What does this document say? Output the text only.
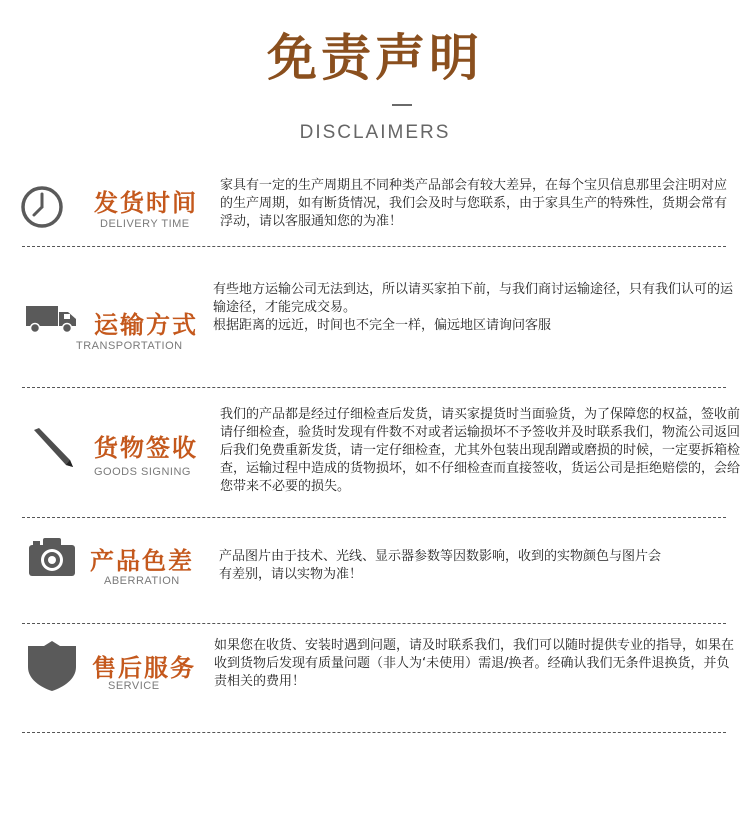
免责声明
DISCLAIMERS
发货时间
DELIVERY TIME

家具有一定的生产周期且不同种类产品部会有较大差异，在每个宝贝信息那里会注明对应的生产周期，如有断货情况，我们会及时与您联系，由于家具生产的特殊性，货期会常有浮动，请以客服通知您的为准！

运输方式
TRANSPORTATION

有些地方运输公司无法到达，所以请买家拍下前，与我们商讨运输途径，只有我们认可的运输途径，才能完成交易。

根据距离的远近，时间也不完全一样，偏远地区请询问客服

货物签收
GOODS SIGNING

我们的产品都是经过仔细检查后发货，请买家提货时当面验货，为了保障您的权益，签收前请仔细检查，验货时发现有件数不对或者运输损坏不予签收并及时联系我们，物流公司返回后我们免费重新发货，请一定仔细检查，尤其外包装出现刮蹭或磨损的时候，一定要拆箱检查，运输过程中造成的货物损坏，如不仔细检查而直接签收，货运公司是拒绝赔偿的，会给您带来不必要的损失。

产品色差
ABERRATION

产品图片由于技术、光线、显示器参数等因数影响，收到的实物颜色与图片会有差别，请以实物为准！

售后服务
SERVICE

如果您在收货、安装时遇到问题，请及时联系我们，我们可以随时提供专业的指导，如果在收到货物后发现有质量问题（非人为‘未使用）需退/换者。经确认我们无条件退换货，并负责相关的费用！
